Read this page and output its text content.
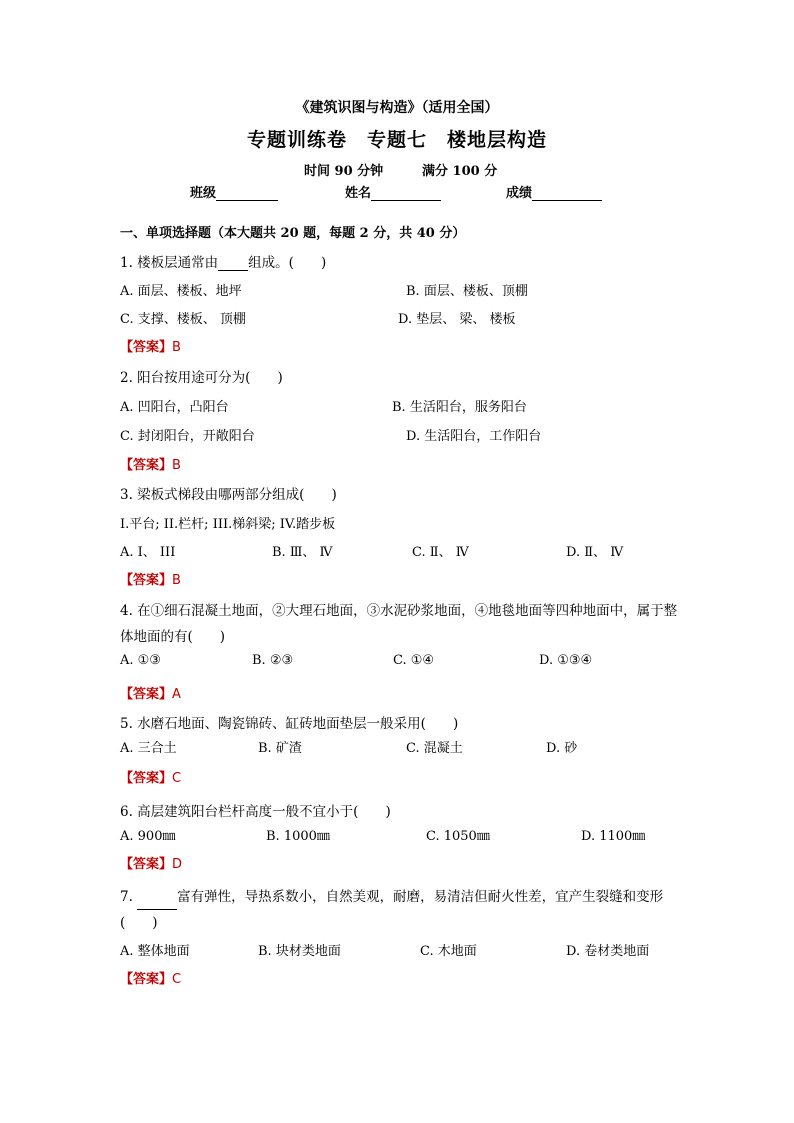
《建筑识图与构造》（适用全国）
专题训练卷　专题七　楼地层构造
时间 90 分钟	满分 100 分
班级	姓名	成绩
一、单项选择题（本大题共 20 题，每题 2 分，共 40 分）
1. 楼板层通常由 组成。(　　)
A. 面层、楼板、地坪	B. 面层、楼板、顶棚
C. 支撑、楼板、 顶棚	D. 垫层、 梁、 楼板
【答案】B
2. 阳台按用途可分为(　　)
A. 凹阳台，凸阳台	B. 生活阳台，服务阳台
C. 封闭阳台，开敞阳台	D. 生活阳台，工作阳台
【答案】B
3. 梁板式梯段由哪两部分组成(　　)
I.平台; II.栏杆; III.梯斜梁; IV.踏步板
A. I、 III	B. Ⅲ、 Ⅳ	C. Ⅱ、 Ⅳ	D. Ⅱ、 Ⅳ
【答案】B
4. 在①细石混凝土地面，②大理石地面，③水泥砂浆地面，④地毯地面等四种地面中，属于整体地面的有(　　)
A. ①③	B. ②③	C. ①④	D. ①③④
【答案】A
5. 水磨石地面、陶瓷锦砖、缸砖地面垫层一般采用(　　)
A. 三合土	B. 矿渣	C. 混凝土	D. 砂
【答案】C
6. 高层建筑阳台栏杆高度一般不宜小于(　　)
A. 900㎜	B. 1000㎜	C. 1050㎜	D. 1100㎜
【答案】D
7.	富有弹性，导热系数小，自然美观，耐磨，易清洁但耐火性差，宜产生裂缝和变形(　　)
A. 整体地面	B. 块材类地面	C. 木地面	D. 卷材类地面
【答案】C
